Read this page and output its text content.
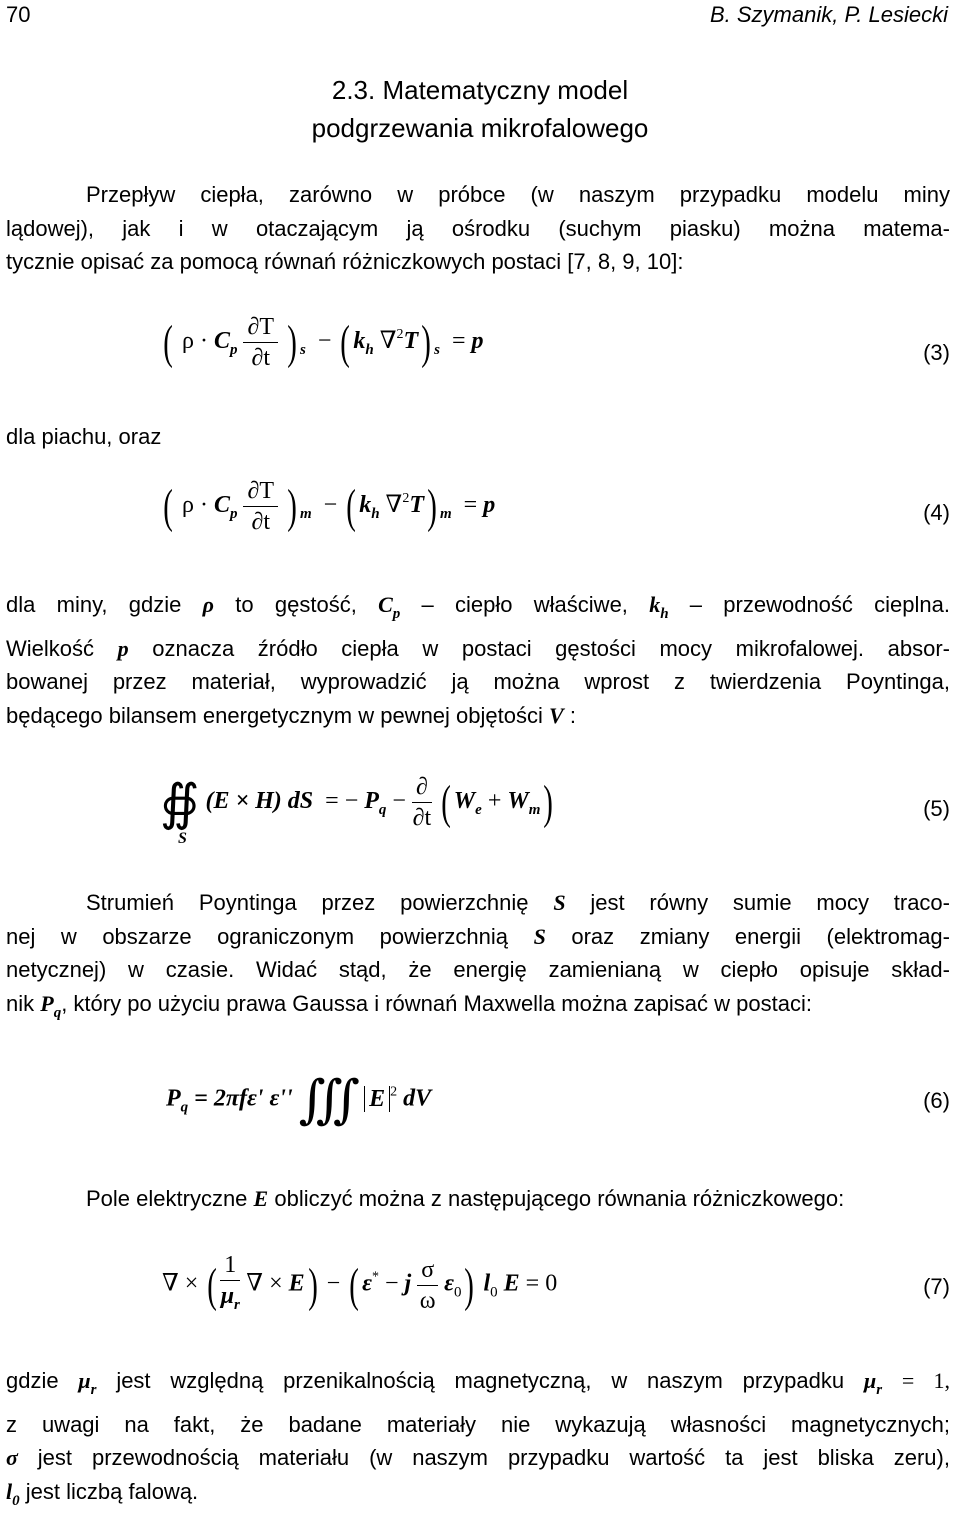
70	B. Szymanik, P. Lesiecki
2.3. Matematyczny model
podgrzewania mikrofalowego
Przepływ ciepła, zarówno w próbce (w naszym przypadku modelu miny
lądowej), jak i w otaczającym ją ośrodku (suchym piasku) można matema-
tycznie opisać za pomocą równań różniczkowych postaci [7, 8, 9, 10]:
( $\rho \cdot C_p \frac{\partial T}{\partial t}$ ) $_s$ − ( $k_h$ ∇$^2$T) $_s$ = p	(3)
dla piachu, oraz
( $\rho \cdot C_p \frac{\partial T}{\partial t}$ ) $_m$ − ( $k_h$ ∇$^2$T) $_m$ = p	(4)
dla miny, gdzie ρ to gęstość, $C_p$ – ciepło właściwe, $k_h$ – przewodność cieplna.
Wielkość p oznacza źródło ciepła w postaci gęstości mocy mikrofalowej. absor-
bowanej przez materiał, wyprowadzić ją można wprost z twierdzenia Poyntinga,
będącego bilansem energetycznym w pewnej objętości V :
∯ (E × H) dS = − $P_q - \frac{\partial}{\partial t}$ ( $W_e + W_m$)
S
(5)
Strumień Poyntinga przez powierzchnię S jest równy sumie mocy traco-
nej w obszarze ograniczonym powierzchnią S oraz zmiany energii (elektromag-
netycznej) w czasie. Widać stąd, że energię zamienianą w ciepło opisuje skład-
nik $P_q$, który po użyciu prawa Gaussa i równań Maxwella można zapisać w postaci:
$P_q = 2\pi f\varepsilon'$ ε'' ∭ E $^2$ dV	(6)
Pole elektryczne E obliczyć można z następującego równania różniczkowego:
∇ × ( $\frac{1}{\mu_r}$ ∇ × E) − ( ε* − j $\frac{\sigma}{\omega} \varepsilon_0$) $l_0$ E = 0	(7)
gdzie $\mu_r$ jest względną przenikalnością magnetyczną, w naszym przypadku $\mu_r = 1$,
z uwagi na fakt, że badane materiały nie wykazują własności magnetycznych;
σ jest przewodnością materiału (w naszym przypadku wartość ta jest bliska zeru),
$l_0$ jest liczbą falową.
